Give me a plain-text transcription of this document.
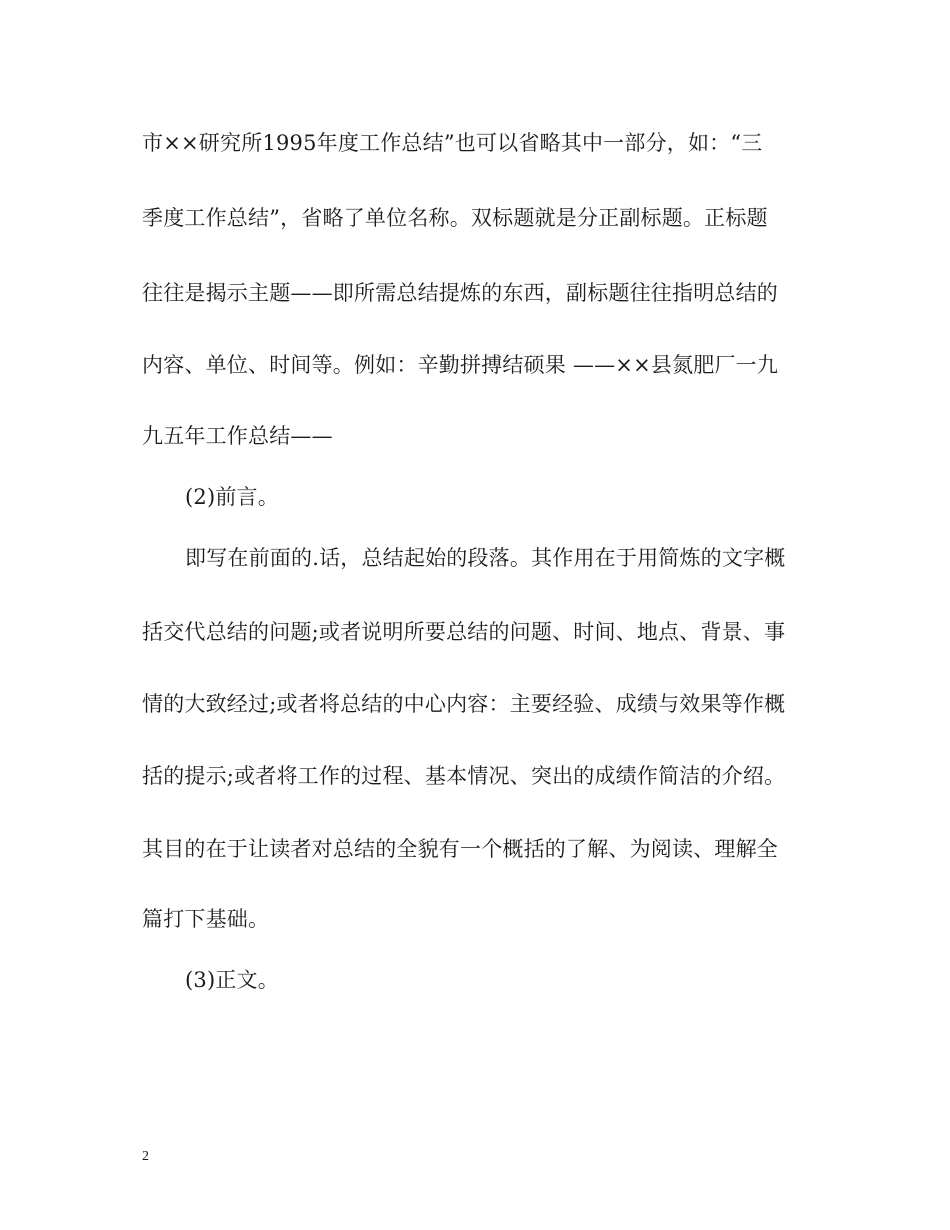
市××研究所1995年度工作总结”也可以省略其中一部分，如：“三

季度工作总结”，省略了单位名称。双标题就是分正副标题。正标题

往往是揭示主题——即所需总结提炼的东西，副标题往往指明总结的

内容、单位、时间等。例如：辛勤拼搏结硕果 ——××县氮肥厂一九

九五年工作总结——

(2)前言。

即写在前面的.话，总结起始的段落。其作用在于用简炼的文字概

括交代总结的问题;或者说明所要总结的问题、时间、地点、背景、事

情的大致经过;或者将总结的中心内容：主要经验、成绩与效果等作概

括的提示;或者将工作的过程、基本情况、突出的成绩作简洁的介绍。

其目的在于让读者对总结的全貌有一个概括的了解、为阅读、理解全

篇打下基础。

(3)正文。

2
